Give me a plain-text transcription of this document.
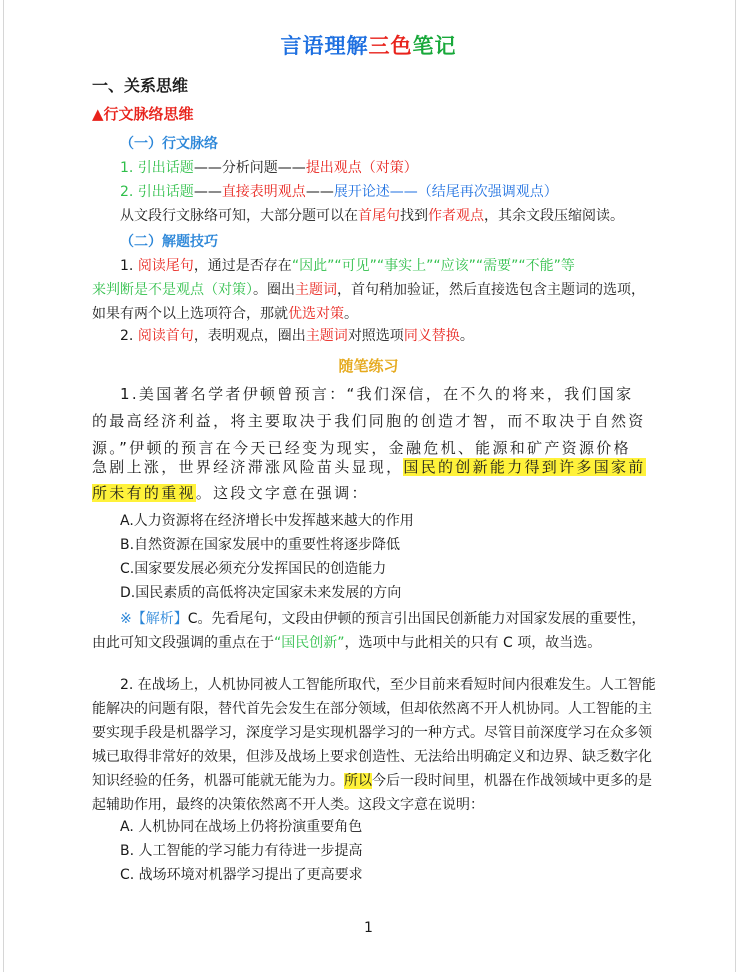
言语理解三色笔记
一、关系思维
▲行文脉络思维
（一）行文脉络
1. 引出话题——分析问题——提出观点（对策）
2. 引出话题——直接表明观点——展开论述——（结尾再次强调观点）
从文段行文脉络可知，大部分题可以在首尾句找到作者观点，其余文段压缩阅读。
（二）解题技巧
1. 阅读尾句，通过是否存在“因此”“可见”“事实上”“应该”“需要”“不能”等
来判断是不是观点（对策）。圈出主题词，首句稍加验证，然后直接选包含主题词的选项，
如果有两个以上选项符合，那就优选对策。
2. 阅读首句，表明观点，圈出主题词对照选项同义替换。
随笔练习
1.美国著名学者伊顿曾预言：“我们深信，在不久的将来，我们国家
的最高经济利益，将主要取决于我们同胞的创造才智，而不取决于自然资
源。”伊顿的预言在今天已经变为现实，金融危机、能源和矿产资源价格
急剧上涨，世界经济滞涨风险苗头显现，国民的创新能力得到许多国家前
所未有的重视。这段文字意在强调：
A.人力资源将在经济增长中发挥越来越大的作用
B.自然资源在国家发展中的重要性将逐步降低
C.国家要发展必须充分发挥国民的创造能力
D.国民素质的高低将决定国家未来发展的方向
※【解析】C。先看尾句，文段由伊顿的预言引出国民创新能力对国家发展的重要性，
由此可知文段强调的重点在于“国民创新”，选项中与此相关的只有 C 项，故当选。
2. 在战场上，人机协同被人工智能所取代，至少目前来看短时间内很难发生。人工智能
能解决的问题有限，替代首先会发生在部分领域，但却依然离不开人机协同。人工智能的主
要实现手段是机器学习，深度学习是实现机器学习的一种方式。尽管目前深度学习在众多领
城已取得非常好的效果，但涉及战场上要求创造性、无法给出明确定义和边界、缺乏数字化
知识经验的任务，机器可能就无能为力。所以今后一段时间里，机器在作战领域中更多的是
起辅助作用，最终的决策依然离不开人类。这段文字意在说明：
A. 人机协同在战场上仍将扮演重要角色
B. 人工智能的学习能力有待进一步提高
C. 战场环境对机器学习提出了更高要求
1
